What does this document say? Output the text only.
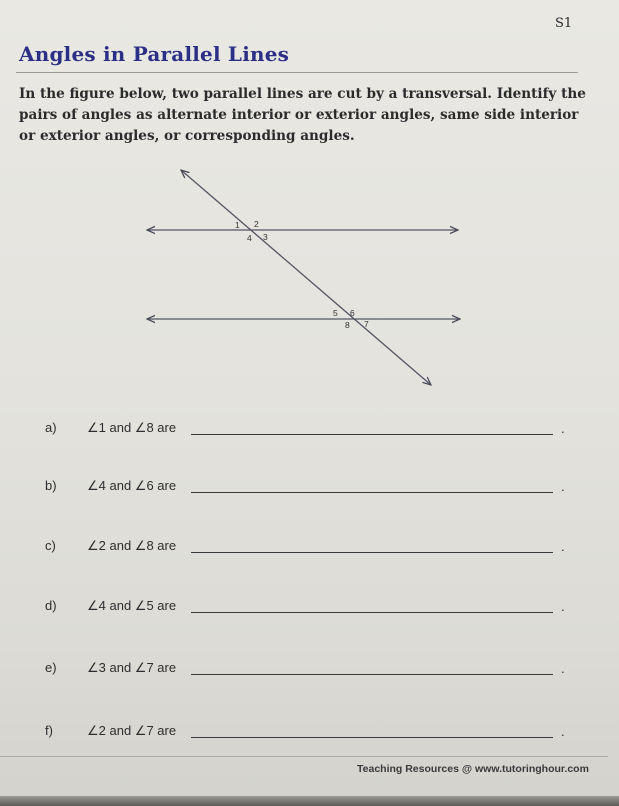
S1
Angles in Parallel Lines
In the figure below, two parallel lines are cut by a transversal. Identify the pairs of angles as alternate interior or exterior angles, same side interior or exterior angles, or corresponding angles.
1 2
3
4
5 6
7
8
a)	∠1 and ∠8 are	.
b)	∠4 and ∠6 are	.
c)	∠2 and ∠8 are	.
d)	∠4 and ∠5 are	.
e)	∠3 and ∠7 are	.
f)	∠2 and ∠7 are	.
Teaching Resources @ www.tutoringhour.com
